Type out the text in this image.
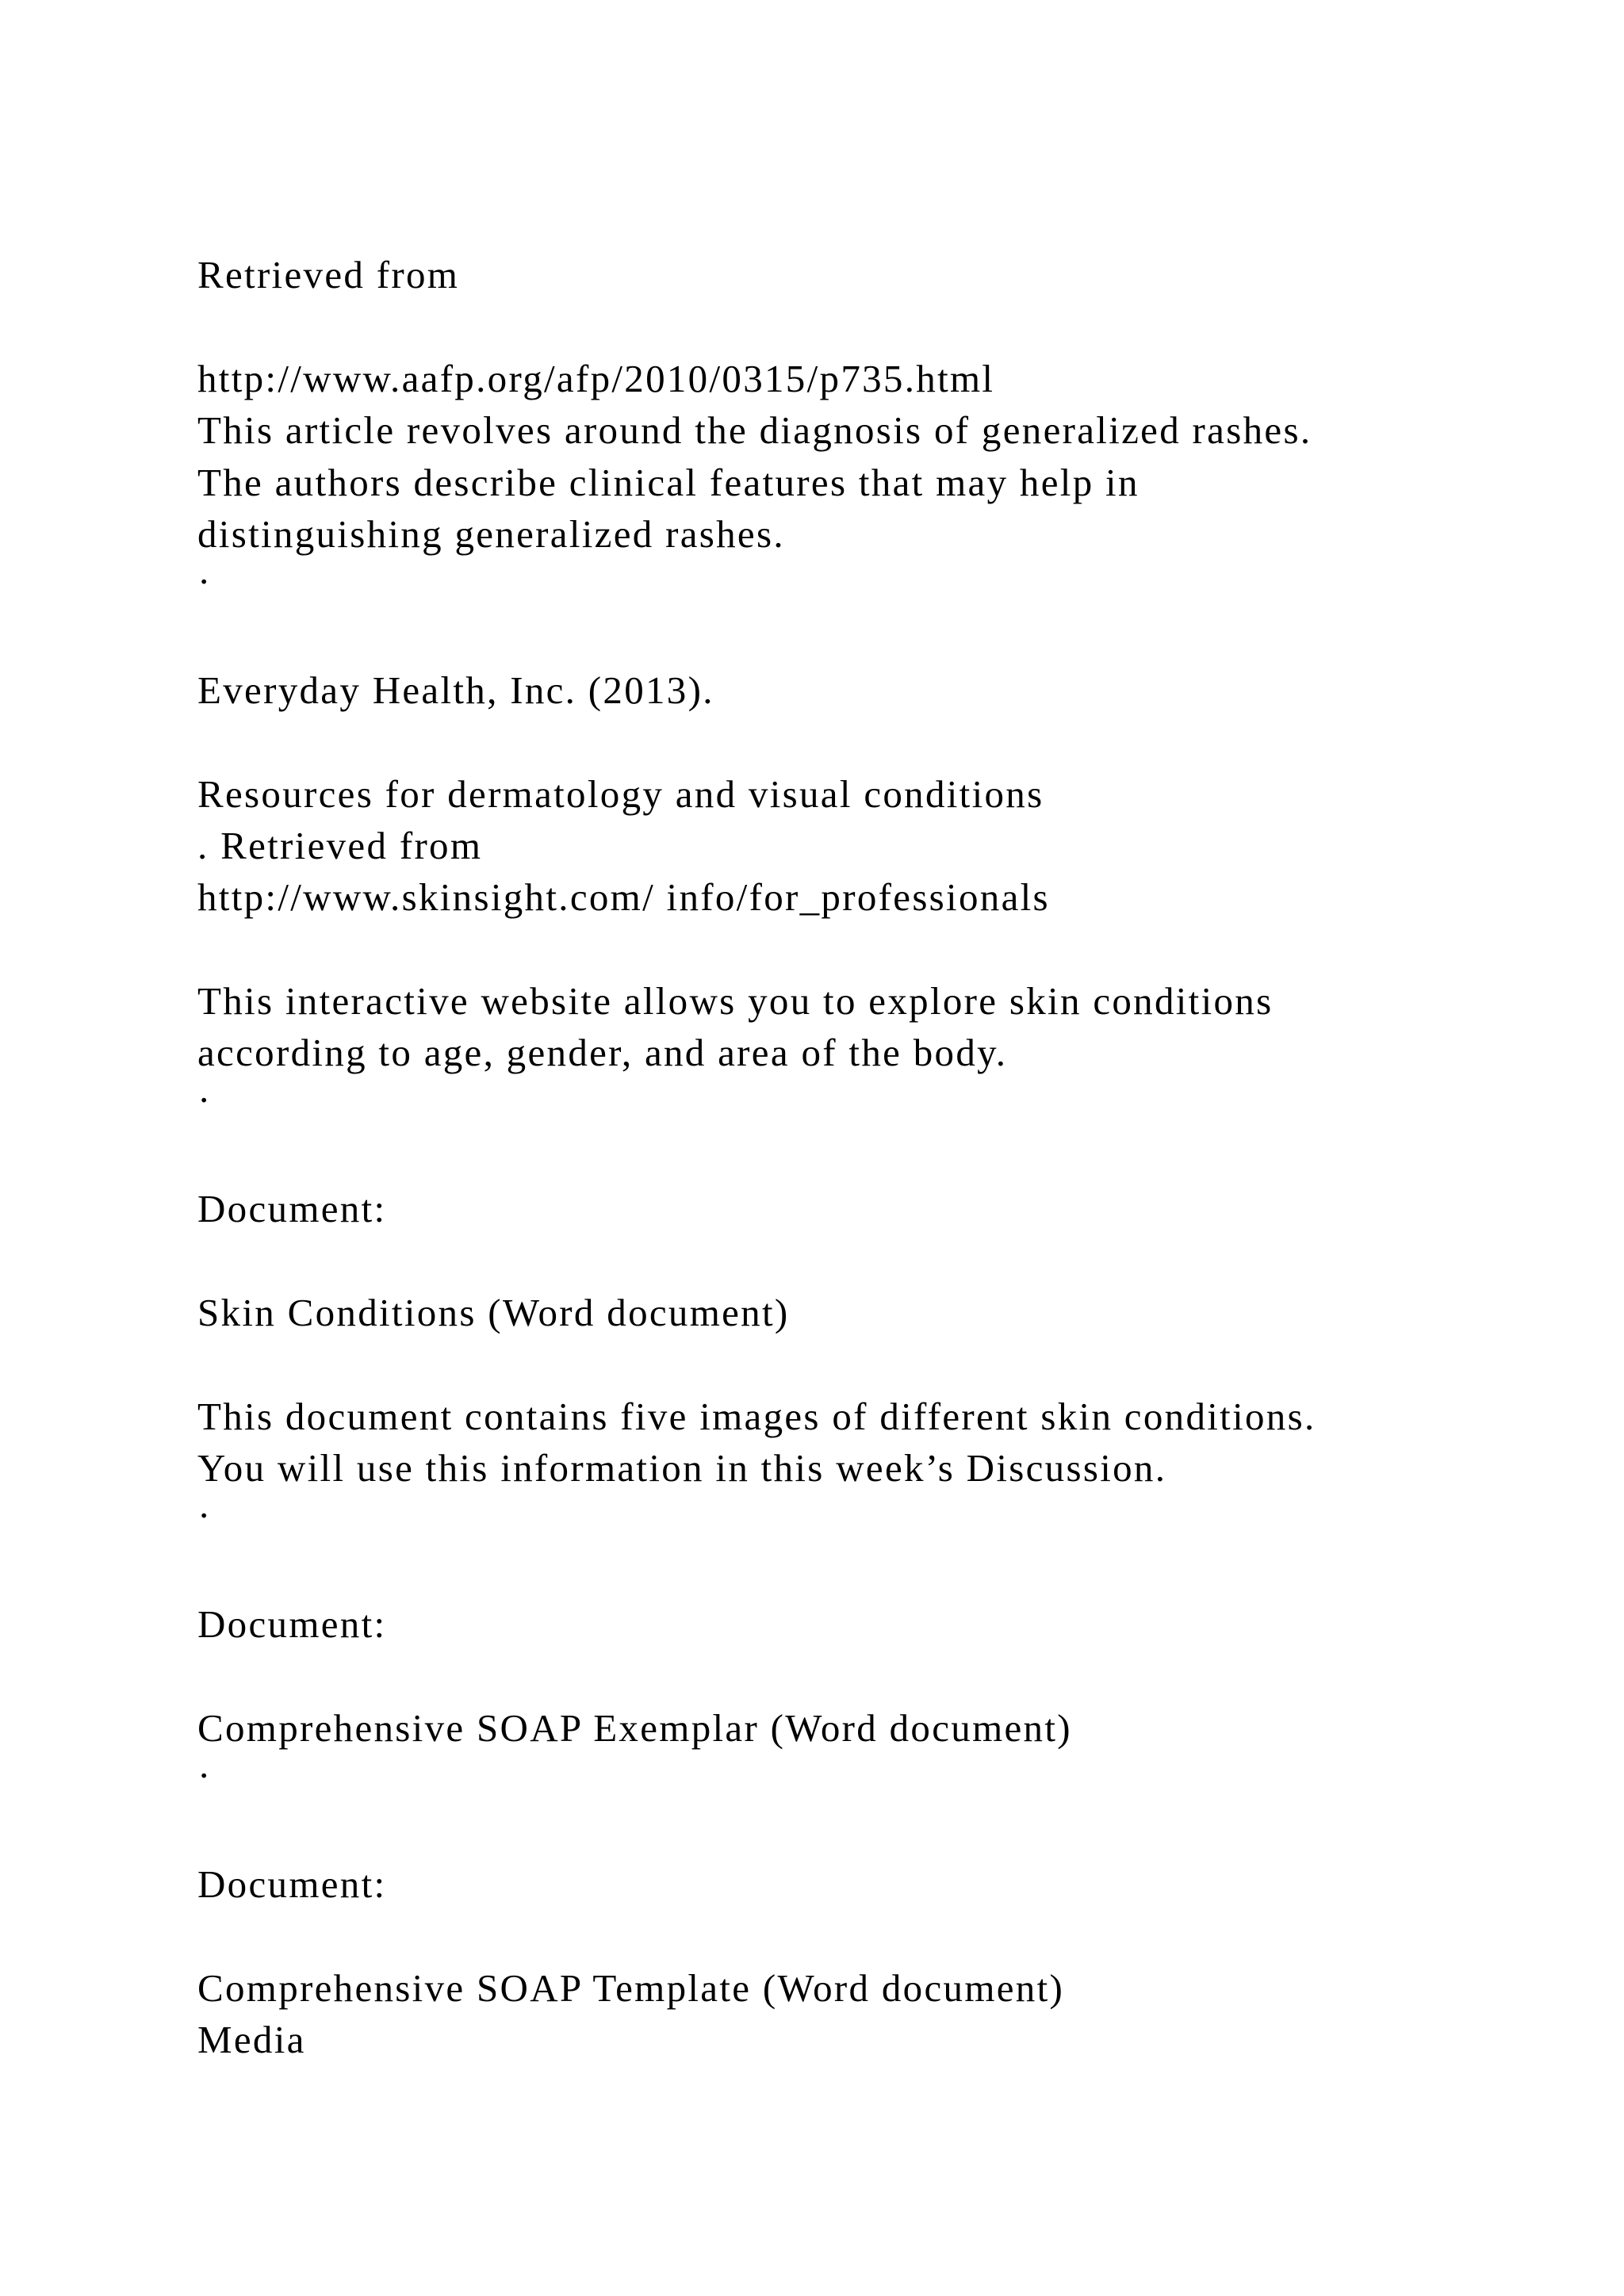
Retrieved from

http://www.aafp.org/afp/2010/0315/p735.html

This article revolves around the diagnosis of generalized rashes.

The authors describe clinical features that may help in

distinguishing generalized rashes.

·

Everyday Health, Inc. (2013).

Resources for dermatology and visual conditions

. Retrieved from

http://www.skinsight.com/ info/for_professionals

This interactive website allows you to explore skin conditions

according to age, gender, and area of the body.

·

Document:

Skin Conditions (Word document)

This document contains five images of different skin conditions.

You will use this information in this week’s Discussion.

·

Document:

Comprehensive SOAP Exemplar (Word document)

·

Document:

Comprehensive SOAP Template (Word document)

Media
